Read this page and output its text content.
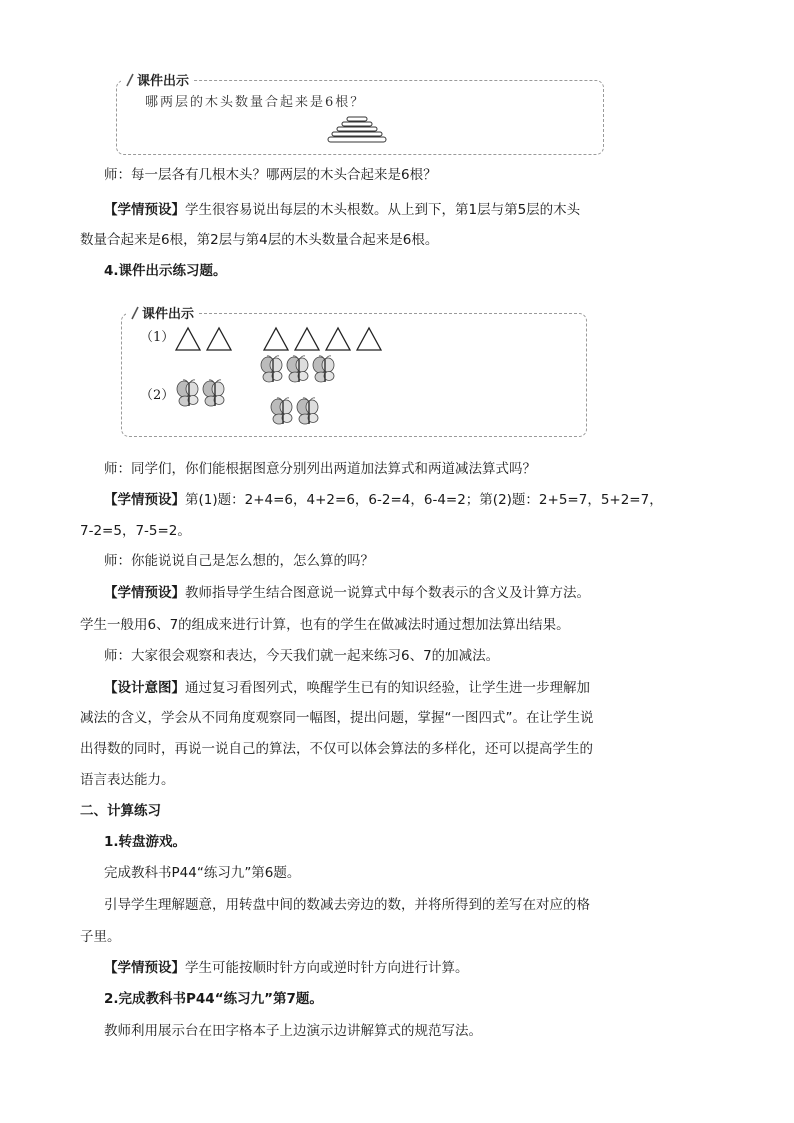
课件出示
哪两层的木头数量合起来是6根？
师：每一层各有几根木头？哪两层的木头合起来是6根？
【学情预设】学生很容易说出每层的木头根数。从上到下，第1层与第5层的木头
数量合起来是6根，第2层与第4层的木头数量合起来是6根。
4.课件出示练习题。
课件出示
（1）
（2）
师：同学们，你们能根据图意分别列出两道加法算式和两道减法算式吗？
【学情预设】第(1)题：2+4=6，4+2=6，6-2=4，6-4=2；第(2)题：2+5=7，5+2=7，
7-2=5，7-5=2。
师：你能说说自己是怎么想的，怎么算的吗？
【学情预设】教师指导学生结合图意说一说算式中每个数表示的含义及计算方法。
学生一般用6、7的组成来进行计算，也有的学生在做减法时通过想加法算出结果。
师：大家很会观察和表达，今天我们就一起来练习6、7的加减法。
【设计意图】通过复习看图列式，唤醒学生已有的知识经验，让学生进一步理解加
减法的含义，学会从不同角度观察同一幅图，提出问题，掌握“一图四式”。在让学生说
出得数的同时，再说一说自己的算法，不仅可以体会算法的多样化，还可以提高学生的
语言表达能力。
二、计算练习
1.转盘游戏。
完成教科书P44“练习九”第6题。
引导学生理解题意，用转盘中间的数减去旁边的数，并将所得到的差写在对应的格
子里。
【学情预设】学生可能按顺时针方向或逆时针方向进行计算。
2.完成教科书P44“练习九”第7题。
教师利用展示台在田字格本子上边演示边讲解算式的规范写法。
